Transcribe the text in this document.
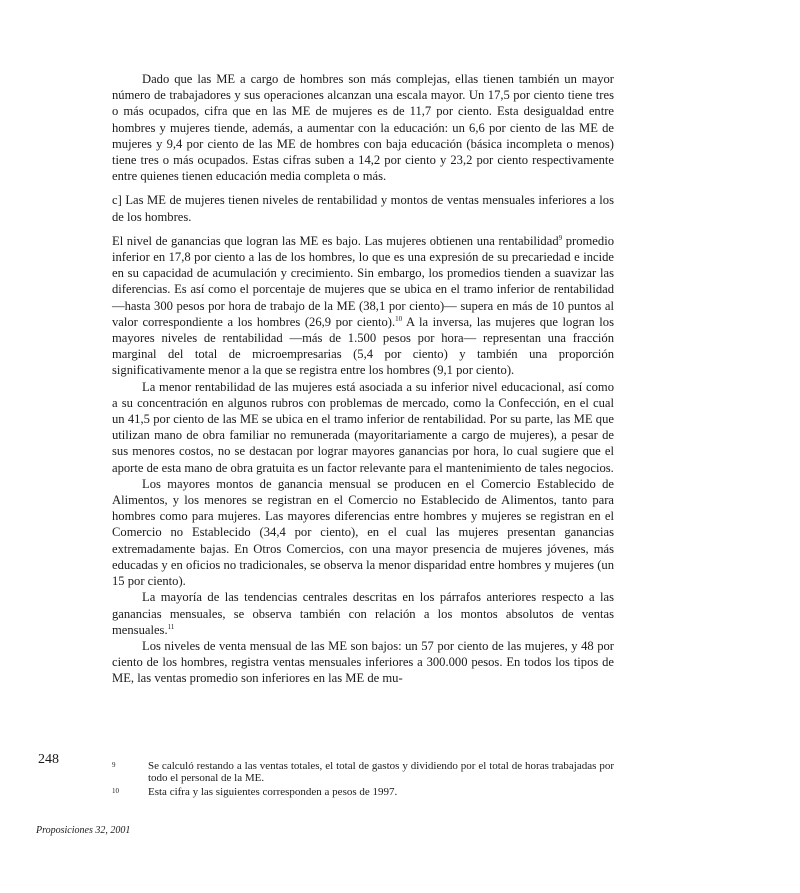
Dado que las ME a cargo de hombres son más complejas, ellas tienen también un mayor número de trabajadores y sus operaciones alcanzan una escala mayor. Un 17,5 por ciento tiene tres o más ocupados, cifra que en las ME de mujeres es de 11,7 por ciento. Esta desigualdad entre hombres y mujeres tiende, además, a aumentar con la educación: un 6,6 por ciento de las ME de mujeres y 9,4 por ciento de las ME de hombres con baja educación (básica incompleta o menos) tiene tres o más ocupados. Estas cifras suben a 14,2 por ciento y 23,2 por ciento respectivamente entre quienes tienen educación media completa o más.

c] Las ME de mujeres tienen niveles de rentabilidad y montos de ventas mensuales inferiores a los de los hombres.

El nivel de ganancias que logran las ME es bajo. Las mujeres obtienen una rentabilidad$^9$ promedio inferior en 17,8 por ciento a las de los hombres, lo que es una expresión de su precariedad e incide en su capacidad de acumulación y crecimiento. Sin embargo, los promedios tienden a suavizar las diferencias. Es así como el porcentaje de mujeres que se ubica en el tramo inferior de rentabilidad —hasta 300 pesos por hora de trabajo de la ME (38,1 por ciento)— supera en más de 10 puntos al valor correspondiente a los hombres (26,9 por ciento).$^{10}$ A la inversa, las mujeres que logran los mayores niveles de rentabilidad —más de 1.500 pesos por hora— representan una fracción marginal del total de microempresarias (5,4 por ciento) y también una proporción significativamente menor a la que se registra entre los hombres (9,1 por ciento).

La menor rentabilidad de las mujeres está asociada a su inferior nivel educacional, así como a su concentración en algunos rubros con problemas de mercado, como la Confección, en el cual un 41,5 por ciento de las ME se ubica en el tramo inferior de rentabilidad. Por su parte, las ME que utilizan mano de obra familiar no remunerada (mayoritariamente a cargo de mujeres), a pesar de sus menores costos, no se destacan por lograr mayores ganancias por hora, lo cual sugiere que el aporte de esta mano de obra gratuita es un factor relevante para el mantenimiento de tales negocios.

Los mayores montos de ganancia mensual se producen en el Comercio Establecido de Alimentos, y los menores se registran en el Comercio no Establecido de Alimentos, tanto para hombres como para mujeres. Las mayores diferencias entre hombres y mujeres se registran en el Comercio no Establecido (34,4 por ciento), en el cual las mujeres presentan ganancias extremadamente bajas. En Otros Comercios, con una mayor presencia de mujeres jóvenes, más educadas y en oficios no tradicionales, se observa la menor disparidad entre hombres y mujeres (un 15 por ciento).

La mayoría de las tendencias centrales descritas en los párrafos anteriores respecto a las ganancias mensuales, se observa también con relación a los montos absolutos de ventas mensuales.$^{11}$

Los niveles de venta mensual de las ME son bajos: un 57 por ciento de las mujeres, y 48 por ciento de los hombres, registra ventas mensuales inferiores a 300.000 pesos. En todos los tipos de ME, las ventas promedio son inferiores en las ME de mu-

248	9	Se calculó restando a las ventas totales, el total de gastos y dividiendo por el total de horas trabajadas por todo el personal de la ME.
10	Esta cifra y las siguientes corresponden a pesos de 1997.
Proposiciones 32, 2001
